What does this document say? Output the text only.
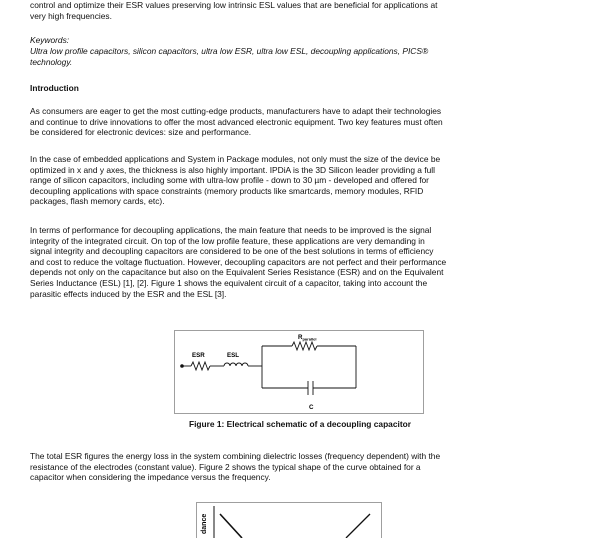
control and optimize their ESR values preserving low intrinsic ESL values that are beneficial for applications at

very high frequencies.

Keywords:

Ultra low profile capacitors, silicon capacitors, ultra low ESR, ultra low ESL, decoupling applications, PICS®

technology.

Introduction

As consumers are eager to get the most cutting-edge products, manufacturers have to adapt their technologies

and continue to drive innovations to offer the most advanced electronic equipment. Two key features must often

be considered for electronic devices: size and performance.

In the case of embedded applications and System in Package modules, not only must the size of the device be

optimized in x and y axes, the thickness is also highly important. IPDiA is the 3D Silicon leader providing a full

range of silicon capacitors, including some with ultra-low profile - down to 30 µm - developed and offered for

decoupling applications with space constraints (memory products like smartcards, memory modules, RFID

packages, flash memory cards, etc).

In terms of performance for decoupling applications, the main feature that needs to be improved is the signal

integrity of the integrated circuit. On top of the low profile feature, these applications are very demanding in

signal integrity and decoupling capacitors are considered to be one of the best solutions in terms of efficiency

and cost to reduce the voltage fluctuation. However, decoupling capacitors are not perfect and their performance

depends not only on the capacitance but also on the Equivalent Series Resistance (ESR) and on the Equivalent

Series Inductance (ESL) [1], [2]. Figure 1 shows the equivalent circuit of a capacitor, taking into account the

parasitic effects induced by the ESR and the ESL [3].

Figure 1: Electrical schematic of a decoupling capacitor

The total ESR figures the energy loss in the system combining dielectric losses (frequency dependent) with the

resistance of the electrodes (constant value). Figure 2 shows the typical shape of the curve obtained for a

capacitor when considering the impedance versus the frequency.

ESR	ESL
$R_{parallel}$
C
dance
